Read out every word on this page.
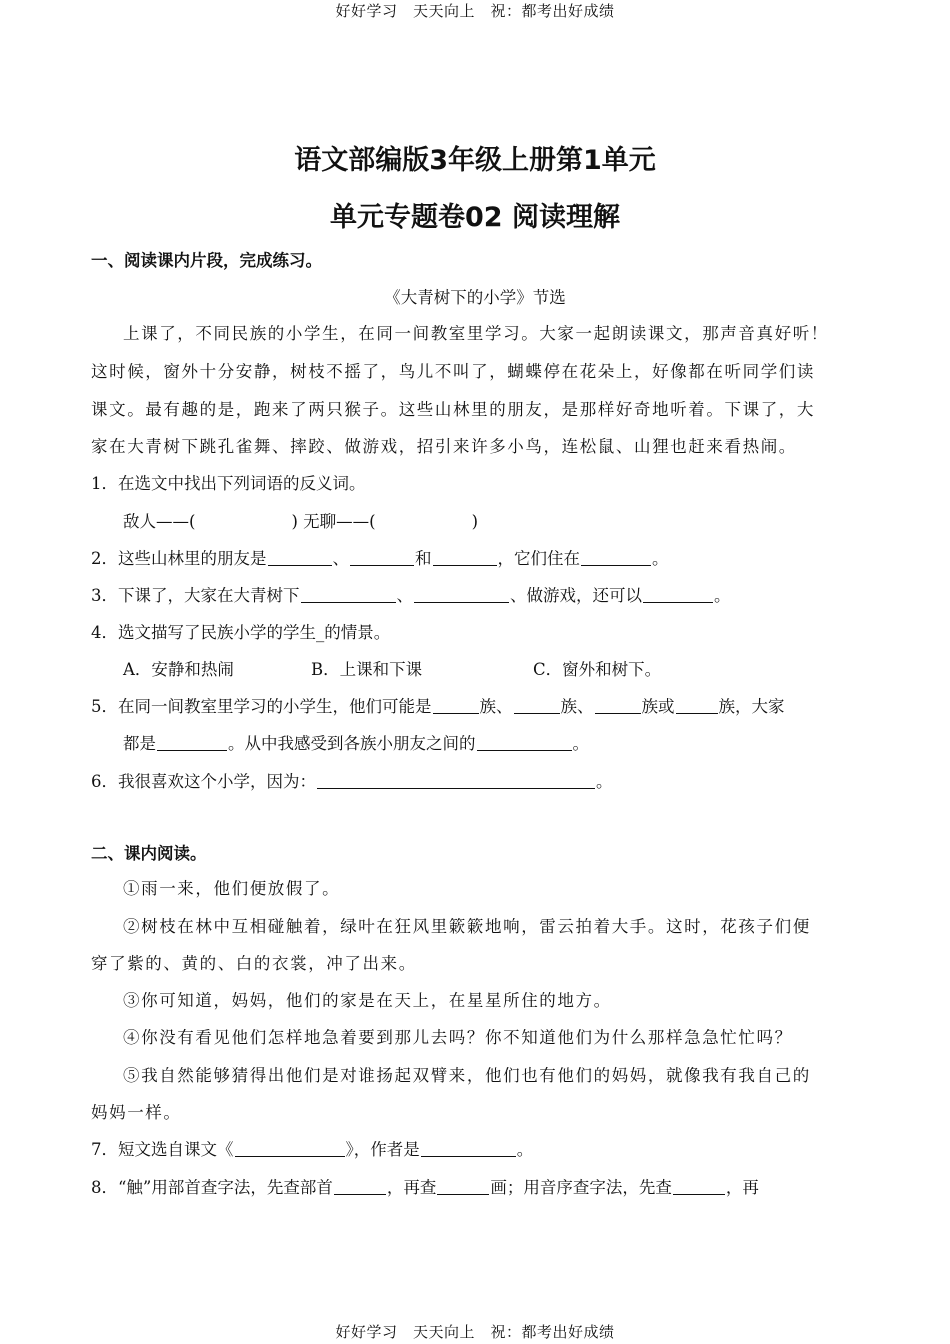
好好学习　天天向上　祝：都考出好成绩
语文部编版3年级上册第1单元
单元专题卷02 阅读理解
一、阅读课内片段，完成练习。
《大青树下的小学》节选
上课了，不同民族的小学生，在同一间教室里学习。大家一起朗读课文，那声音真好听！
这时候，窗外十分安静，树枝不摇了，鸟儿不叫了，蝴蝶停在花朵上，好像都在听同学们读
课文。最有趣的是，跑来了两只猴子。这些山林里的朋友，是那样好奇地听着。下课了，大
家在大青树下跳孔雀舞、摔跤、做游戏，招引来许多小鸟，连松鼠、山狸也赶来看热闹。
1．在选文中找出下列词语的反义词。
敌人——(	) 无聊——(	)
2．这些山林里的朋友是	、	和	，它们住在	。
3．下课了，大家在大青树下	、	、做游戏，还可以	。
4．选文描写了民族小学的学生_的情景。
A．安静和热闹	B．上课和下课	C．窗外和树下。
5．在同一间教室里学习的小学生，他们可能是	族、	族、	族或	族，大家
都是	。从中我感受到各族小朋友之间的	。
6．我很喜欢这个小学，因为：	。
二、课内阅读。
①雨一来，他们便放假了。
②树枝在林中互相碰触着，绿叶在狂风里簌簌地响，雷云拍着大手。这时，花孩子们便
穿了紫的、黄的、白的衣裳，冲了出来。
③你可知道，妈妈，他们的家是在天上，在星星所住的地方。
④你没有看见他们怎样地急着要到那儿去吗？你不知道他们为什么那样急急忙忙吗？
⑤我自然能够猜得出他们是对谁扬起双臂来，他们也有他们的妈妈，就像我有我自己的
妈妈一样。
7．短文选自课文《	》，作者是	。
8．“触”用部首查字法，先查部首	，再查	画；用音序查字法，先查	，再
好好学习　天天向上　祝：都考出好成绩
